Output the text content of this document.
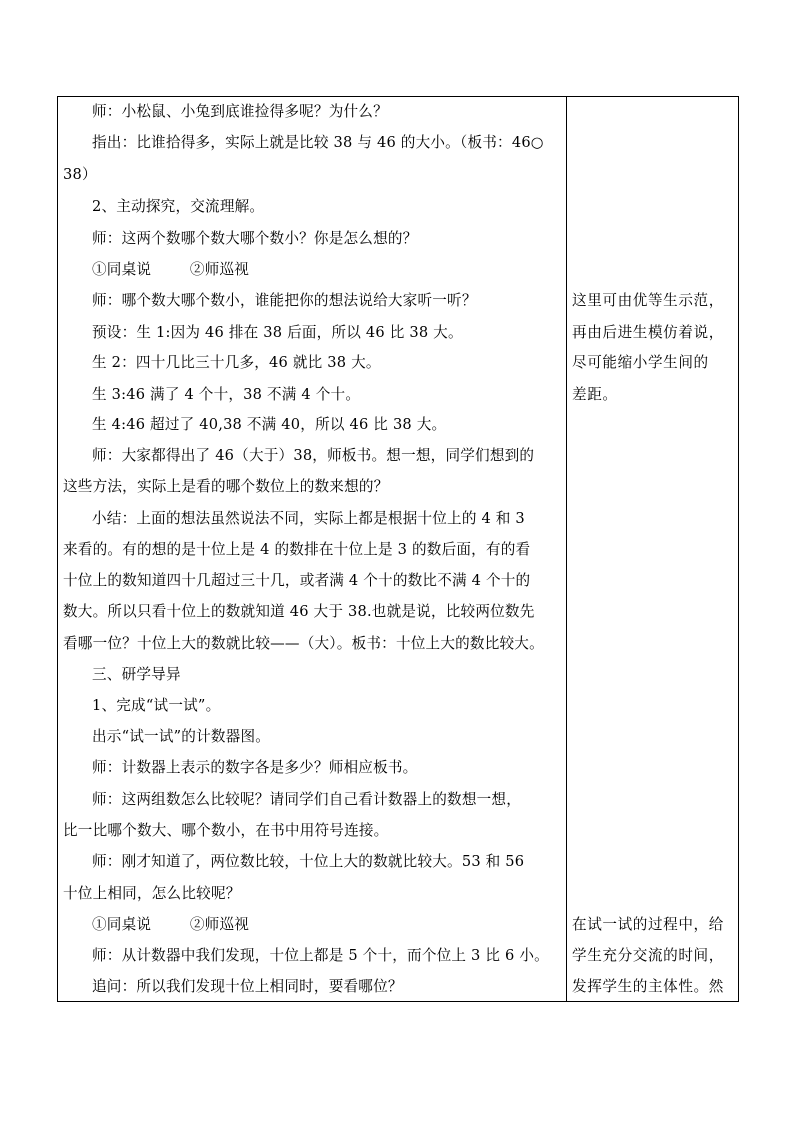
师：小松鼠、小兔到底谁捡得多呢？为什么？
指出：比谁拾得多，实际上就是比较 38 与 46 的大小。（板书：46○
38）
2、主动探究，交流理解。
师：这两个数哪个数大哪个数小？你是怎么想的？
①同桌说        ②师巡视
师：哪个数大哪个数小，谁能把你的想法说给大家听一听？
预设：生 1:因为 46 排在 38 后面，所以 46 比 38 大。
生 2：四十几比三十几多，46 就比 38 大。
生 3:46 满了 4 个十，38 不满 4 个十。
生 4:46 超过了 40,38 不满 40，所以 46 比 38 大。
师：大家都得出了 46（大于）38，师板书。想一想，同学们想到的
这些方法，实际上是看的哪个数位上的数来想的？
小结：上面的想法虽然说法不同，实际上都是根据十位上的 4 和 3
来看的。有的想的是十位上是 4 的数排在十位上是 3 的数后面，有的看
十位上的数知道四十几超过三十几，或者满 4 个十的数比不满 4 个十的
数大。所以只看十位上的数就知道 46 大于 38.也就是说，比较两位数先
看哪一位？十位上大的数就比较——（大）。板书：十位上大的数比较大。
三、研学导异
1、完成“试一试”。
出示“试一试”的计数器图。
师：计数器上表示的数字各是多少？师相应板书。
师：这两组数怎么比较呢？请同学们自己看计数器上的数想一想，
比一比哪个数大、哪个数小，在书中用符号连接。
师：刚才知道了，两位数比较，十位上大的数就比较大。53 和 56
十位上相同，怎么比较呢？
①同桌说        ②师巡视
师：从计数器中我们发现，十位上都是 5 个十，而个位上 3 比 6 小。
追问：所以我们发现十位上相同时，要看哪位？
这里可由优等生示范，
再由后进生模仿着说，
尽可能缩小学生间的
差距。
在试一试的过程中，给
学生充分交流的时间，
发挥学生的主体性。然
